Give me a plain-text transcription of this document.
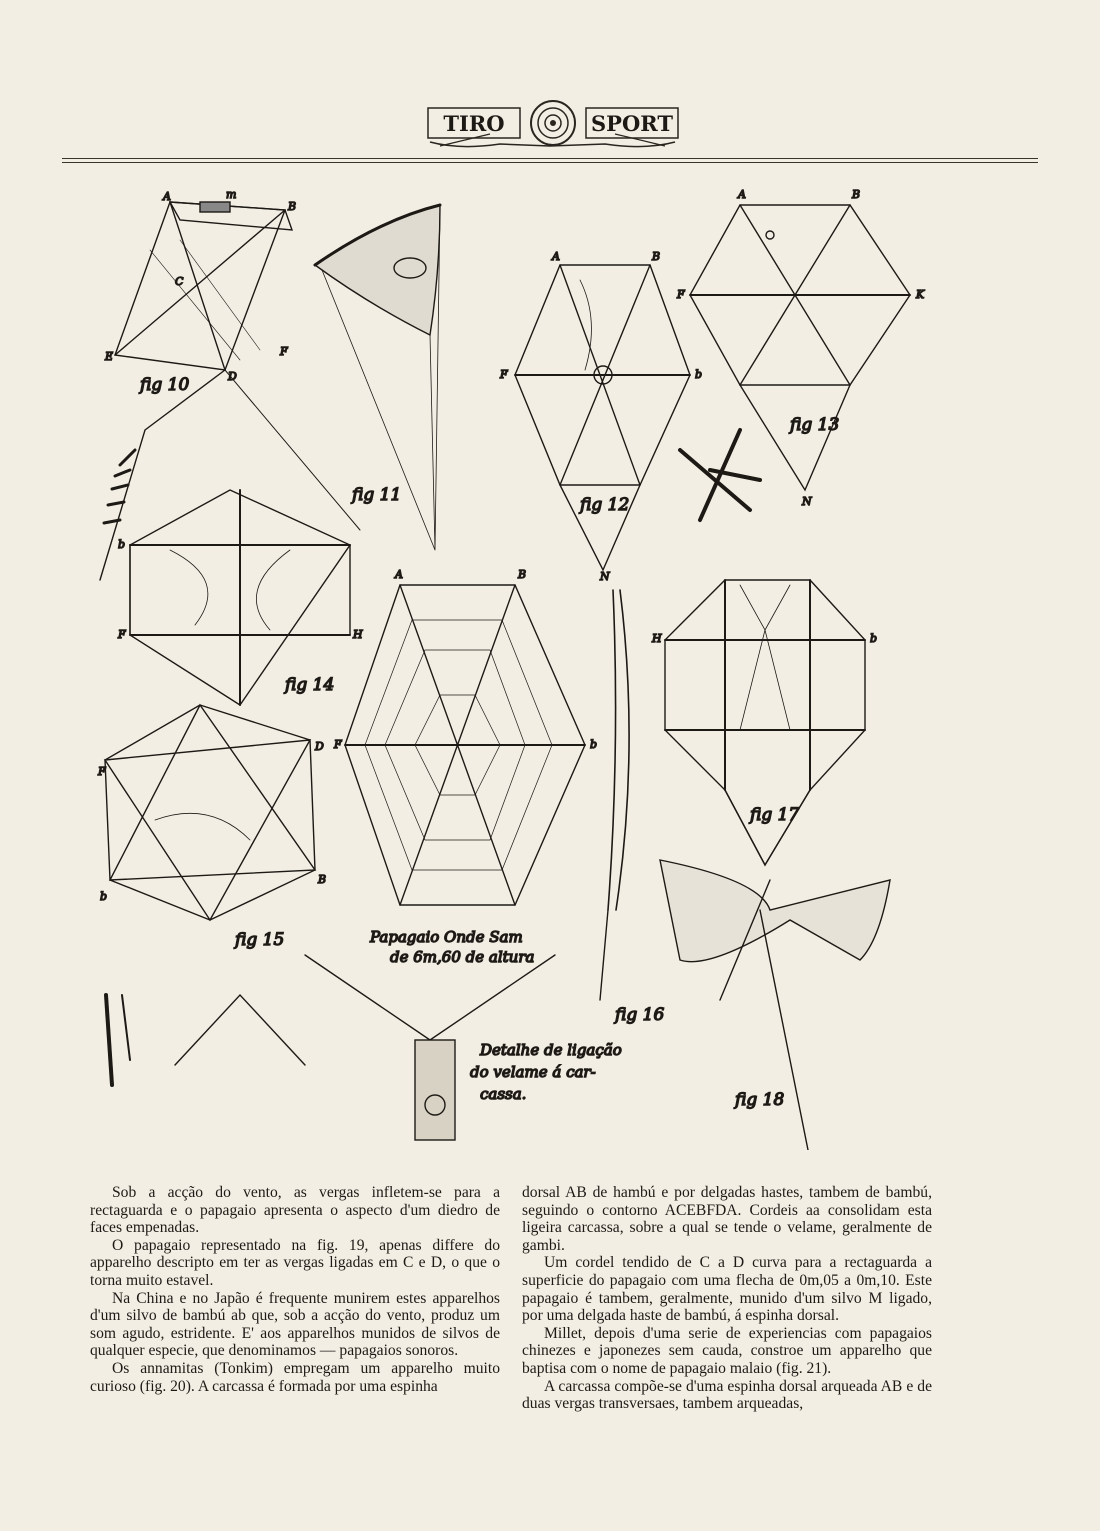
TIRO	SPORT
A
B
m
E	F
D
C
fig 10
fig 11
A	B
F	b
N
fig 12
A	B
F	K
N
fig 13
b
F	H
fig 14
D
B
F
b
fig 15
A	B
F	b
Papagaio Onde Sam
de 6m,60 de altura
fig 16
H	b
fig 17
fig 18
Detalhe de ligação
do velame á car-
cassa.

Sob a acção do vento, as vergas infletem-se para a rectaguarda e o papagaio apresenta o aspecto d'um diedro de faces empenadas.

O papagaio representado na fig. 19, apenas differe do apparelho descripto em ter as vergas ligadas em C e D, o que o torna muito estavel.

Na China e no Japão é frequente munirem estes apparelhos d'um silvo de bambú ab que, sob a acção do vento, produz um som agudo, estridente. E' aos apparelhos munidos de silvos de qualquer especie, que denominamos — papagaios sonoros.

Os annamitas (Tonkim) empregam um apparelho muito curioso (fig. 20). A carcassa é formada por uma espinha

dorsal AB de hambú e por delgadas hastes, tambem de bambú, seguindo o contorno ACEBFDA. Cordeis aa consolidam esta ligeira carcassa, sobre a qual se tende o velame, geralmente de gambi.

Um cordel tendido de C a D curva para a rectaguarda a superficie do papagaio com uma flecha de 0m,05 a 0m,10. Este papagaio é tambem, geralmente, munido d'um silvo M ligado, por uma delgada haste de bambú, á espinha dorsal.

Millet, depois d'uma serie de experiencias com papagaios chinezes e japonezes sem cauda, constroe um apparelho que baptisa com o nome de papagaio malaio (fig. 21).

A carcassa compõe-se d'uma espinha dorsal arqueada AB e de duas vergas transversaes, tambem arqueadas,
